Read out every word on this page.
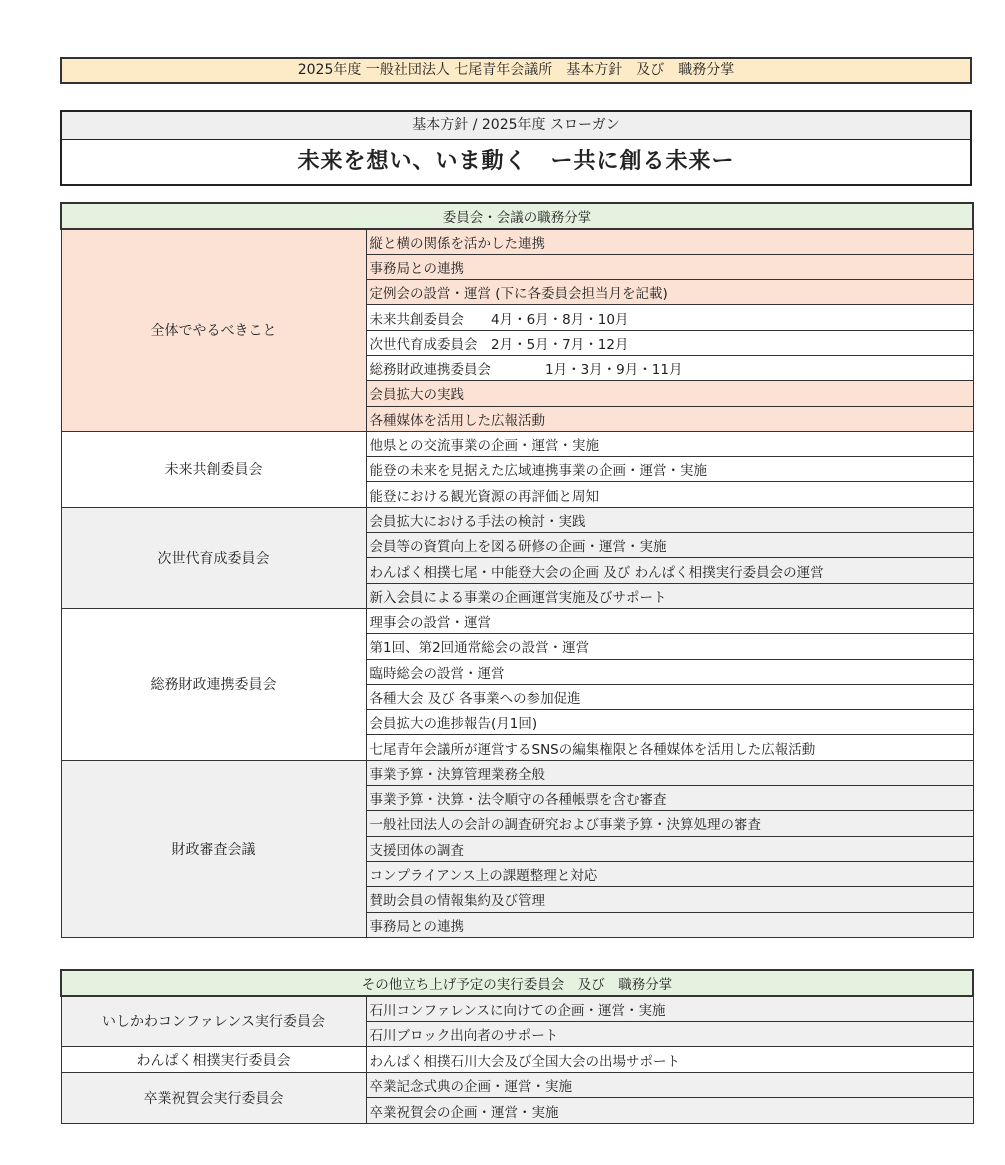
2025年度 一般社団法人 七尾青年会議所　基本方針　及び　職務分掌
基本方針 / 2025年度 スローガン
未来を想い、いま動く　ー共に創る未来ー
委員会・会議の職務分掌	
全体でやるべきこと	縦と横の関係を活かした連携
	事務局との連携
	定例会の設営・運営 (下に各委員会担当月を記載)
	未来共創委員会　　4月・6月・8月・10月
	次世代育成委員会　2月・5月・7月・12月
	総務財政連携委員会　　　　1月・3月・9月・11月
	会員拡大の実践
	各種媒体を活用した広報活動
未来共創委員会	他県との交流事業の企画・運営・実施
	能登の未来を見据えた広域連携事業の企画・運営・実施
	能登における観光資源の再評価と周知
次世代育成委員会	会員拡大における手法の検討・実践
	会員等の資質向上を図る研修の企画・運営・実施
	わんぱく相撲七尾・中能登大会の企画 及び わんぱく相撲実行委員会の運営
	新入会員による事業の企画運営実施及びサポート
総務財政連携委員会	理事会の設営・運営
	第1回、第2回通常総会の設営・運営
	臨時総会の設営・運営
	各種大会 及び 各事業への参加促進
	会員拡大の進捗報告(月1回)
	七尾青年会議所が運営するSNSの編集権限と各種媒体を活用した広報活動
財政審査会議	事業予算・決算管理業務全般
	事業予算・決算・法令順守の各種帳票を含む審査
	一般社団法人の会計の調査研究および事業予算・決算処理の審査
	支援団体の調査
	コンプライアンス上の課題整理と対応
	賛助会員の情報集約及び管理
	事務局との連携
その他立ち上げ予定の実行委員会　及び　職務分掌	
いしかわコンファレンス実行委員会	石川コンファレンスに向けての企画・運営・実施
	石川ブロック出向者のサポート
わんぱく相撲実行委員会	わんぱく相撲石川大会及び全国大会の出場サポート
卒業祝賀会実行委員会	卒業記念式典の企画・運営・実施
	卒業祝賀会の企画・運営・実施
